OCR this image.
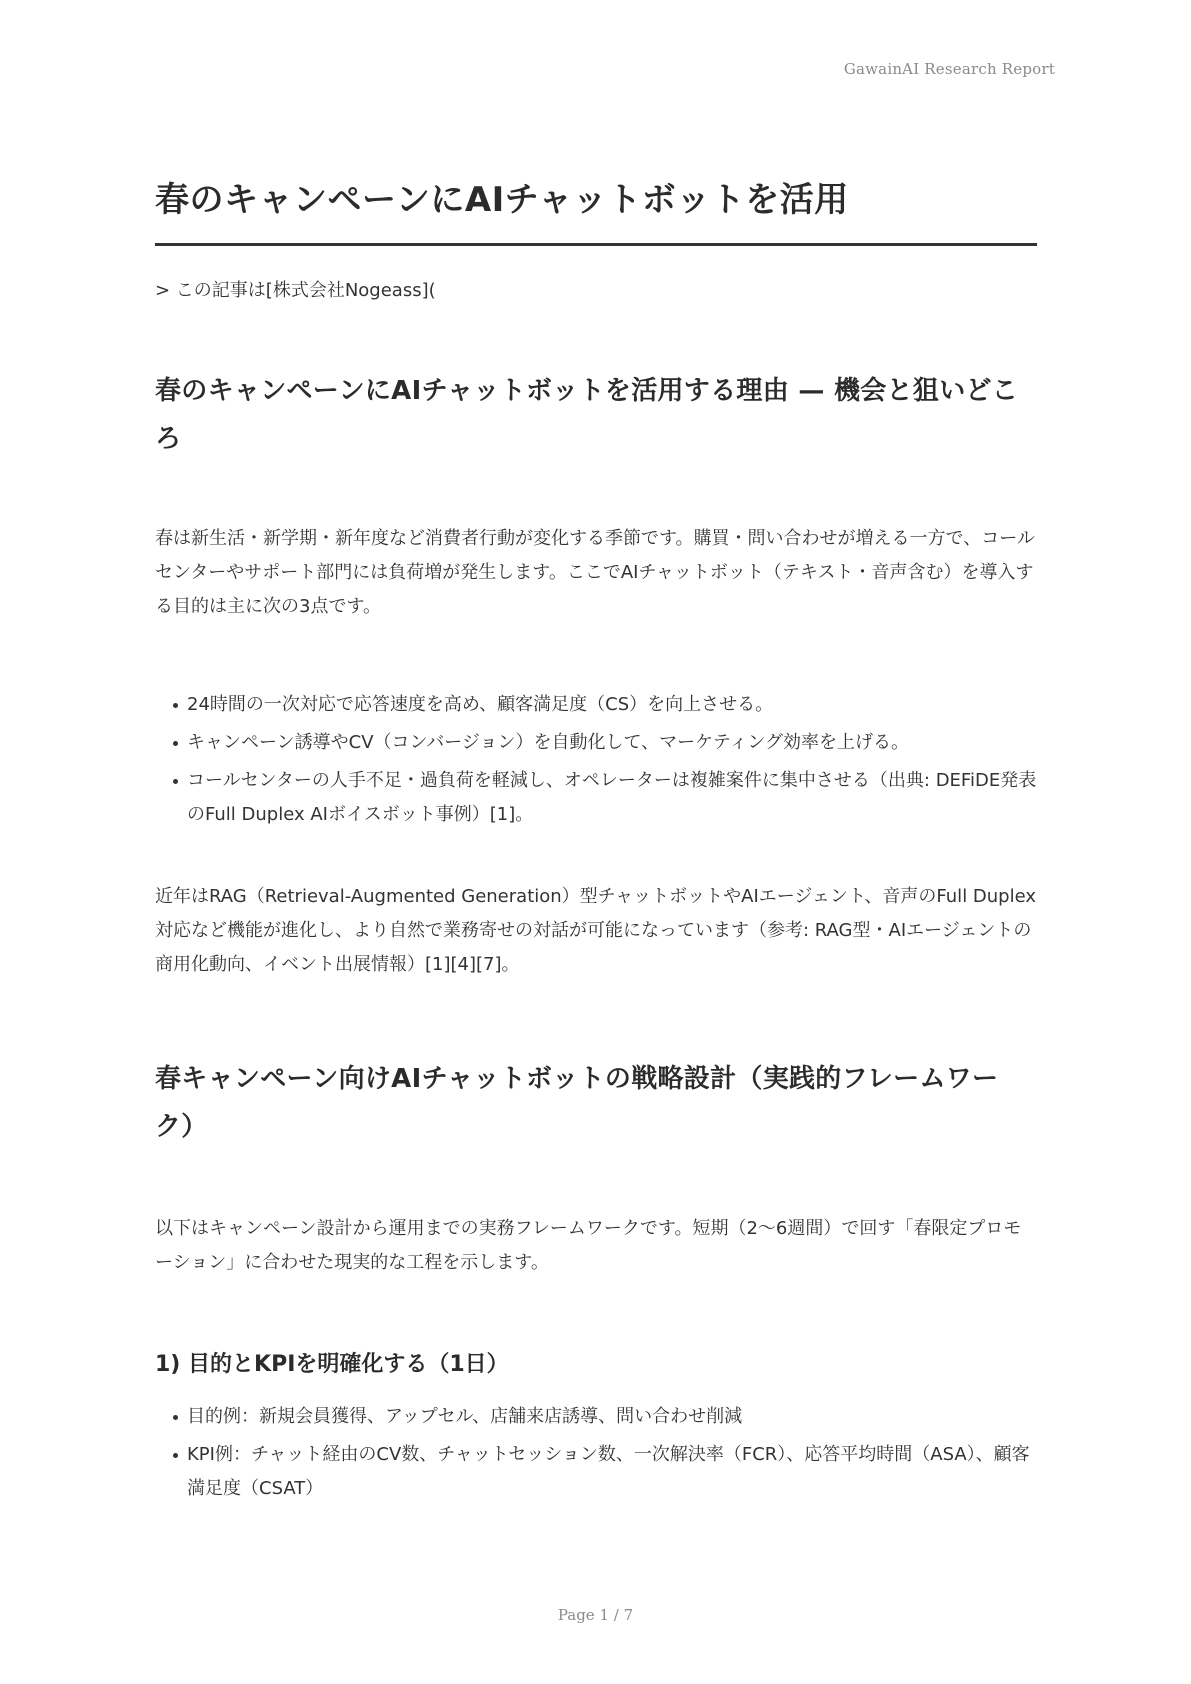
GawainAI Research Report
春のキャンペーンにAIチャットボットを活用

> この記事は[株式会社Nogeass](

春のキャンペーンにAIチャットボットを活用する理由 — 機会と狙いどころ

春は新生活・新学期・新年度など消費者行動が変化する季節です。購買・問い合わせが増える一方で、コールセンターやサポート部門には負荷増が発生します。ここでAIチャットボット（テキスト・音声含む）を導入する目的は主に次の3点です。

24時間の一次対応で応答速度を高め、顧客満足度（CS）を向上させる。
キャンペーン誘導やCV（コンバージョン）を自動化して、マーケティング効率を上げる。
コールセンターの人手不足・過負荷を軽減し、オペレーターは複雑案件に集中させる（出典: DEFiDE発表のFull Duplex AIボイスボット事例）[1]。

近年はRAG（Retrieval-Augmented Generation）型チャットボットやAIエージェント、音声のFull Duplex対応など機能が進化し、より自然で業務寄せの対話が可能になっています（参考: RAG型・AIエージェントの商用化動向、イベント出展情報）[1][4][7]。

春キャンペーン向けAIチャットボットの戦略設計（実践的フレームワーク）

以下はキャンペーン設計から運用までの実務フレームワークです。短期（2〜6週間）で回す「春限定プロモーション」に合わせた現実的な工程を示します。

1) 目的とKPIを明確化する（1日）
目的例：新規会員獲得、アップセル、店舗来店誘導、問い合わせ削減
KPI例：チャット経由のCV数、チャットセッション数、一次解決率（FCR）、応答平均時間（ASA）、顧客満足度（CSAT）
Page 1 / 7
